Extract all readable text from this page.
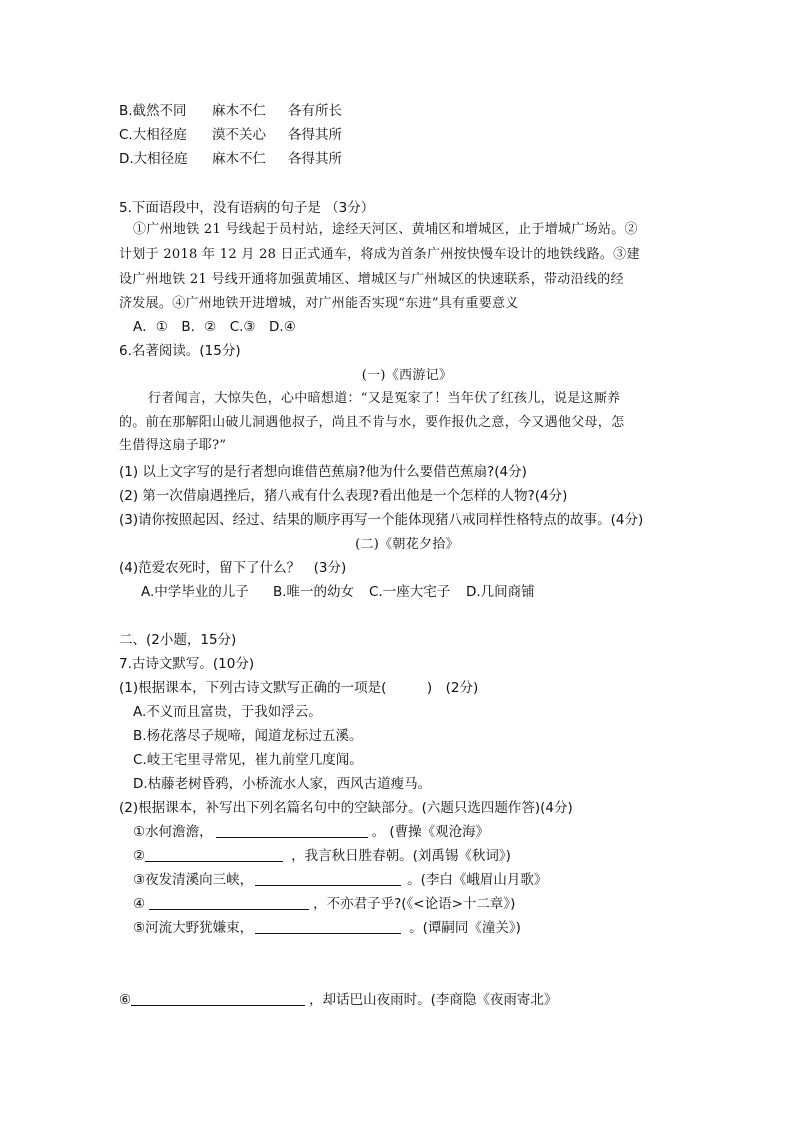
B.截然不同 麻木不仁 各有所长
C.大相径庭 漠不关心 各得其所
D.大相径庭 麻木不仁 各得其所
5.下面语段中，没有语病的句子是 （3分）
①广州地铁 21 号线起于员村站，途经天河区、黄埔区和增城区，止于增城广场站。②
计划于 2018 年 12 月 28 日正式通车，将成为首条广州按快慢车设计的地铁线路。③建
设广州地铁 21 号线开通将加强黄埔区、增城区与广州城区的快速联系，带动沿线的经
济发展。④广州地铁开进增城，对广州能否实现“东进”具有重要意义
A．①　B．②　C.③　D.④
6.名著阅读。(15分)
(一)《西游记》
行者闻言，大惊失色，心中暗想道：“又是冤家了！当年伏了红孩儿，说是这厮养
的。前在那解阳山破儿洞遇他叔子，尚且不肯与水，要作报仇之意，今又遇他父母，怎
生借得这扇子耶?”
(1) 以上文字写的是行者想向谁借芭蕉扇?他为什么要借芭蕉扇?(4分)
(2) 第一次借扇遇挫后，猪八戒有什么表现?看出他是一个怎样的人物?(4分)
(3)请你按照起因、经过、结果的顺序再写一个能体现猪八戒同样性格特点的故事。(4分)
(二)《朝花夕拾》
(4)范爱农死时，留下了什么？　(3分)
A.中学毕业的儿子 B.唯一的幼女 C.一座大宅子 D.几间商铺
二、(2小题，15分)
7.古诗文默写。(10分)
(1)根据课本，下列古诗文默写正确的一项是(　　　)　(2分)
A.不义而且富贵，于我如浮云。
B.杨花落尽子规啼，闻道龙标过五溪。
C.岐王宅里寻常见，崔九前堂几度闻。
D.枯藤老树昏鸦，小桥流水人家，西风古道瘦马。
(2)根据课本，补写出下列名篇名句中的空缺部分。(六题只选四题作答)(4分)
①水何澹澹，	。 (曹操《观沧海》
②	，我言秋日胜春朝。(刘禹锡《秋词》)
③夜发清溪向三峡，	。(李白《峨眉山月歌》
④	，不亦君子乎?(《<论语>十二章》)
⑤河流大野犹嫌束，	。(谭嗣同《潼关》)
⑥	，却话巴山夜雨时。(李商隐《夜雨寄北》
